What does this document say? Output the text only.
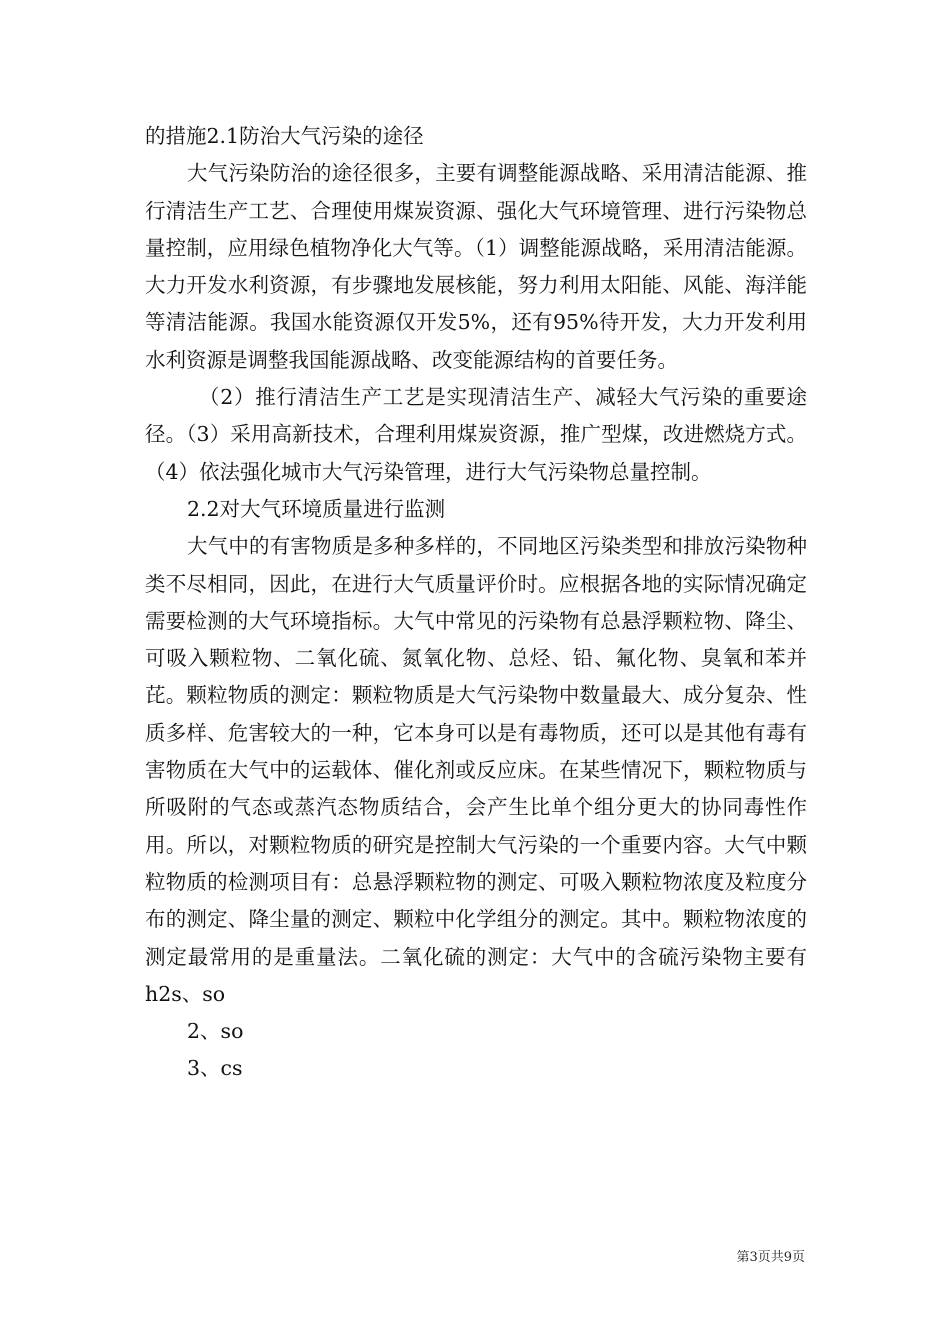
的措施2.1防治大气污染的途径

大气污染防治的途径很多，主要有调整能源战略、采用清洁能源、推行清洁生产工艺、合理使用煤炭资源、强化大气环境管理、进行污染物总量控制，应用绿色植物净化大气等。（1）调整能源战略，采用清洁能源。大力开发水利资源，有步骤地发展核能，努力利用太阳能、风能、海洋能等清洁能源。我国水能资源仅开发5%，还有95%待开发，大力开发利用水利资源是调整我国能源战略、改变能源结构的首要任务。

（2）推行清洁生产工艺是实现清洁生产、减轻大气污染的重要途径。（3）采用高新技术，合理利用煤炭资源，推广型煤，改进燃烧方式。（4）依法强化城市大气污染管理，进行大气污染物总量控制。

2.2对大气环境质量进行监测

大气中的有害物质是多种多样的，不同地区污染类型和排放污染物种类不尽相同，因此，在进行大气质量评价时。应根据各地的实际情况确定需要检测的大气环境指标。大气中常见的污染物有总悬浮颗粒物、降尘、可吸入颗粒物、二氧化硫、氮氧化物、总烃、铅、氟化物、臭氧和苯并芘。颗粒物质的测定：颗粒物质是大气污染物中数量最大、成分复杂、性质多样、危害较大的一种，它本身可以是有毒物质，还可以是其他有毒有害物质在大气中的运载体、催化剂或反应床。在某些情况下，颗粒物质与所吸附的气态或蒸汽态物质结合，会产生比单个组分更大的协同毒性作用。所以，对颗粒物质的研究是控制大气污染的一个重要内容。大气中颗粒物质的检测项目有：总悬浮颗粒物的测定、可吸入颗粒物浓度及粒度分布的测定、降尘量的测定、颗粒中化学组分的测定。其中。颗粒物浓度的测定最常用的是重量法。二氧化硫的测定：大气中的含硫污染物主要有h2s、so

2、so

3、cs

第3页共9页
